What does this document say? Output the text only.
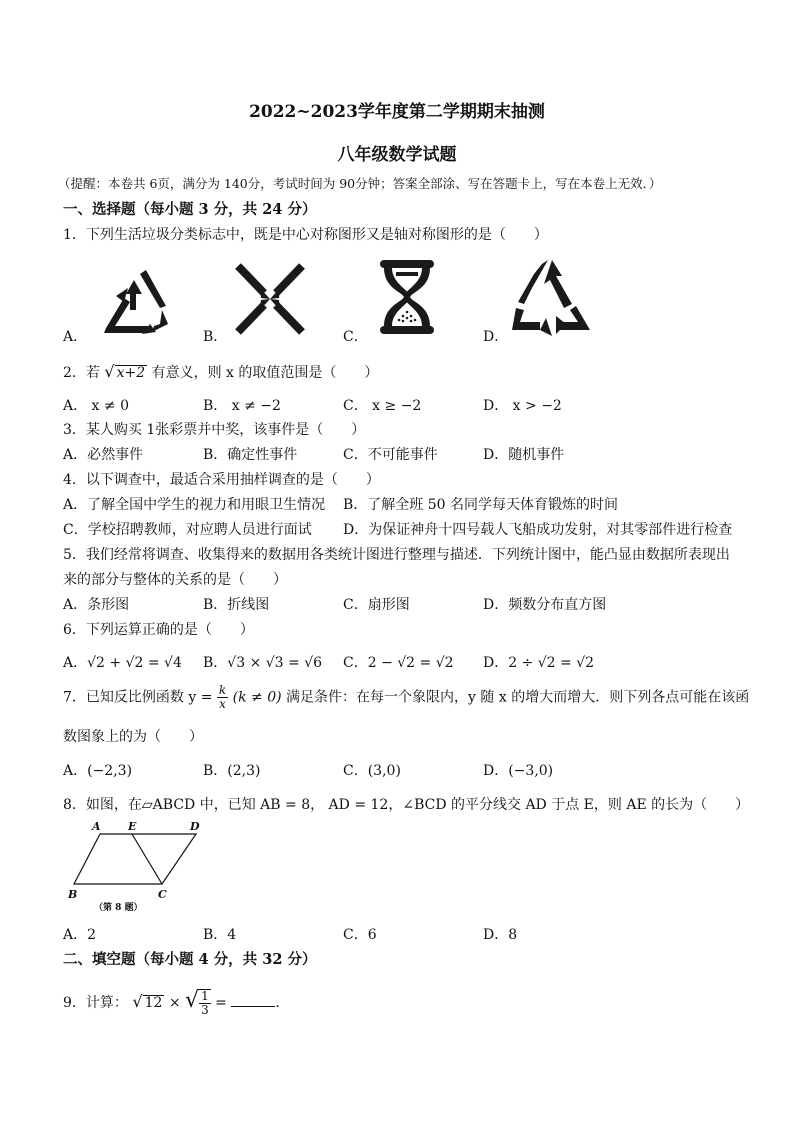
2022~2023学年度第二学期期末抽测
八年级数学试题
（提醒：本卷共 6页，满分为 140分，考试时间为 90分钟；答案全部涂、写在答题卡上，写在本卷上无效．）
一、选择题（每小题 3 分，共 24 分）
1．下列生活垃圾分类标志中，既是中心对称图形又是轴对称图形的是（　　）
A．	B．	C．	D．
2．若 √ x+2 有意义，则 x 的取值范围是（　　）
A． x ≠ 0	B． x ≠ −2	C． x ≥ −2	D． x > −2
3．某人购买 1张彩票并中奖，该事件是（　　）
A．必然事件	B．确定性事件	C．不可能事件	D．随机事件
4．以下调查中，最适合采用抽样调查的是（　　）
A．了解全国中学生的视力和用眼卫生情况 B．了解全班 50 名同学每天体育锻炼的时间
C．学校招聘教师，对应聘人员进行面试 D．为保证神舟十四号载人飞船成功发射，对其零部件进行检查
5．我们经常将调查、收集得来的数据用各类统计图进行整理与描述．下列统计图中，能凸显由数据所表现出
来的部分与整体的关系的是（　　）
A．条形图	B．折线图	C．扇形图	D．频数分布直方图
6．下列运算正确的是（　　）
A．√2 + √2 = √4 B．√3 × √3 = √6 C．2 − √2 = √2 D．2 ÷ √2 = √2
7．已知反比例函数 $y = \frac{k}{x} (k \ne 0)$ 满足条件：在每一个象限内，y 随 x 的增大而增大．则下列各点可能在该函
数图象上的为（　　）
A．(−2,3)	B．(2,3)	C．(3,0)	D．(−3,0)
8．如图，在▱ABCD 中，已知 AB = 8， AD = 12，∠BCD 的平分线交 AD 于点 E，则 AE 的长为（　　）
A E	D
B	C
（第 8 题）
A．2	B．4	C．6	D．8
二、填空题（每小题 4 分，共 32 分）
9．计算： √ 12 × √ $\frac{1}{3}$ =	．
